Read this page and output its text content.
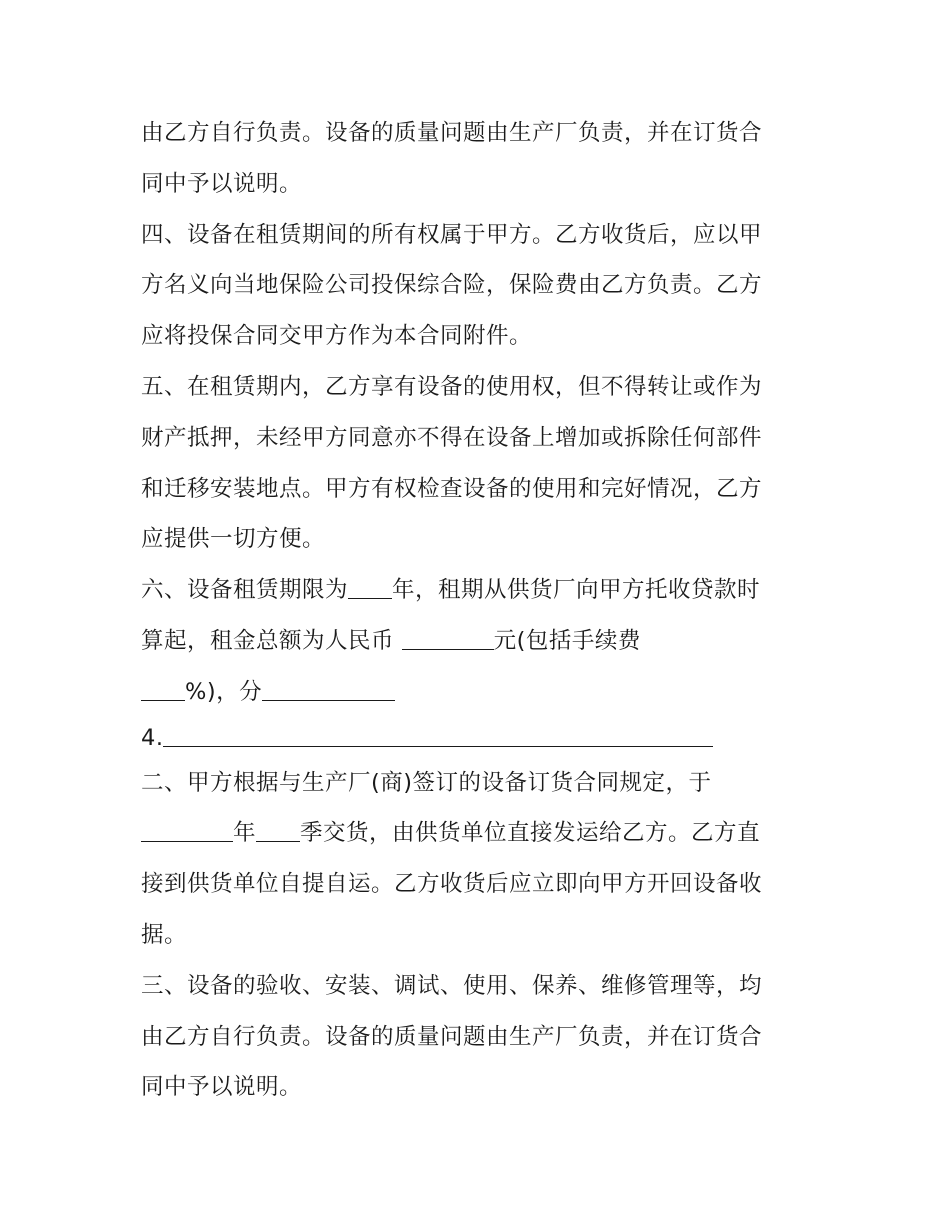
由乙方自行负责。设备的质量问题由生产厂负责，并在订货合
同中予以说明。
四、设备在租赁期间的所有权属于甲方。乙方收货后，应以甲
方名义向当地保险公司投保综合险，保险费由乙方负责。乙方
应将投保合同交甲方作为本合同附件。
五、在租赁期内，乙方享有设备的使用权，但不得转让或作为
财产抵押，未经甲方同意亦不得在设备上增加或拆除任何部件
和迁移安装地点。甲方有权检查设备的使用和完好情况，乙方
应提供一切方便。
六、设备租赁期限为 年，租期从供货厂向甲方托收贷款时
算起，租金总额为人民币	元(包括手续费
%)，分
4.
二、甲方根据与生产厂(商)签订的设备订货合同规定，于
年 季交货，由供货单位直接发运给乙方。乙方直
接到供货单位自提自运。乙方收货后应立即向甲方开回设备收
据。
三、设备的验收、安装、调试、使用、保养、维修管理等，均
由乙方自行负责。设备的质量问题由生产厂负责，并在订货合
同中予以说明。
